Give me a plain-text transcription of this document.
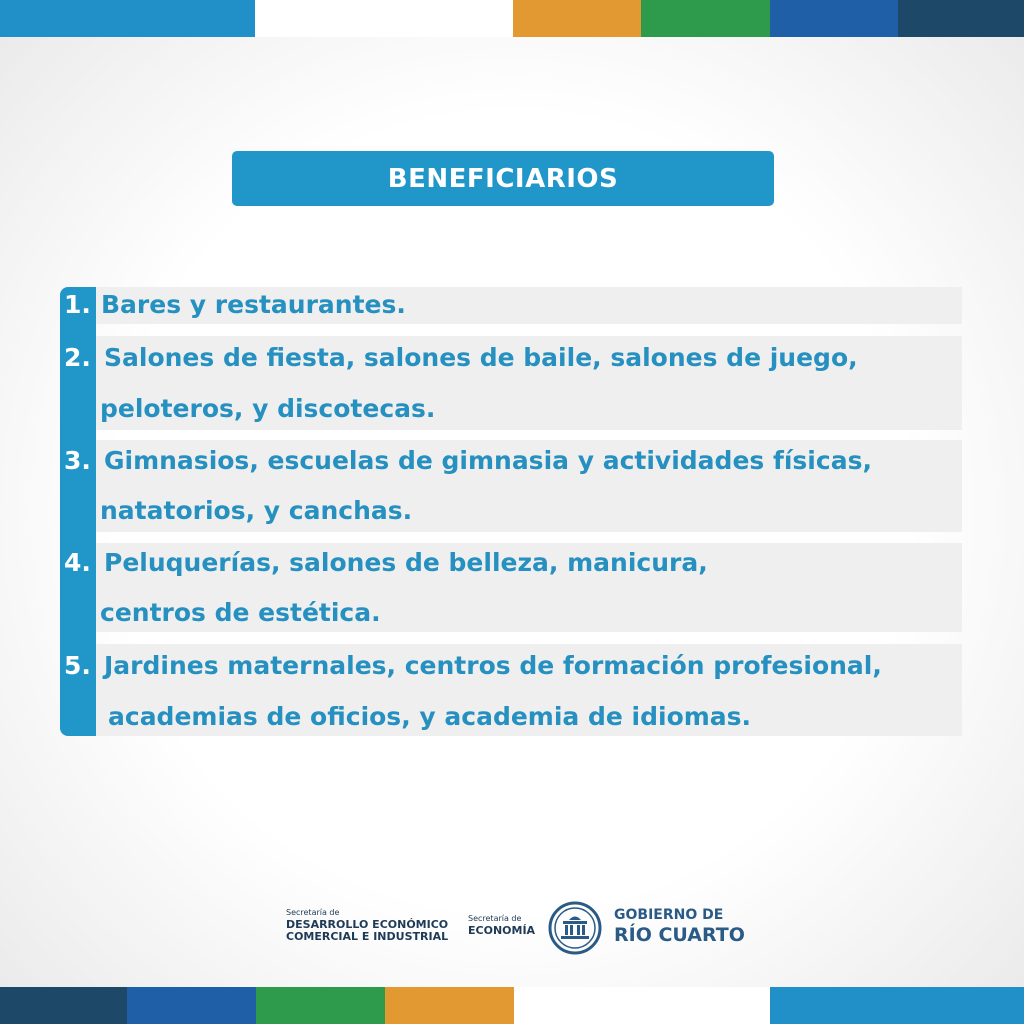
BENEFICIARIOS
1. Bares y restaurantes.
2. Salones de fiesta, salones de baile, salones de juego,
peloteros, y discotecas.
3. Gimnasios, escuelas de gimnasia y actividades físicas,
natatorios, y canchas.
4. Peluquerías, salones de belleza, manicura,
centros de estética.
5. Jardines maternales, centros de formación profesional,
academias de oficios, y academia de idiomas.
Secretaría de
DESARROLLO ECONÓMICO
COMERCIAL E INDUSTRIAL
Secretaría de
ECONOMÍA
GOBIERNO DE
RÍO CUARTO
